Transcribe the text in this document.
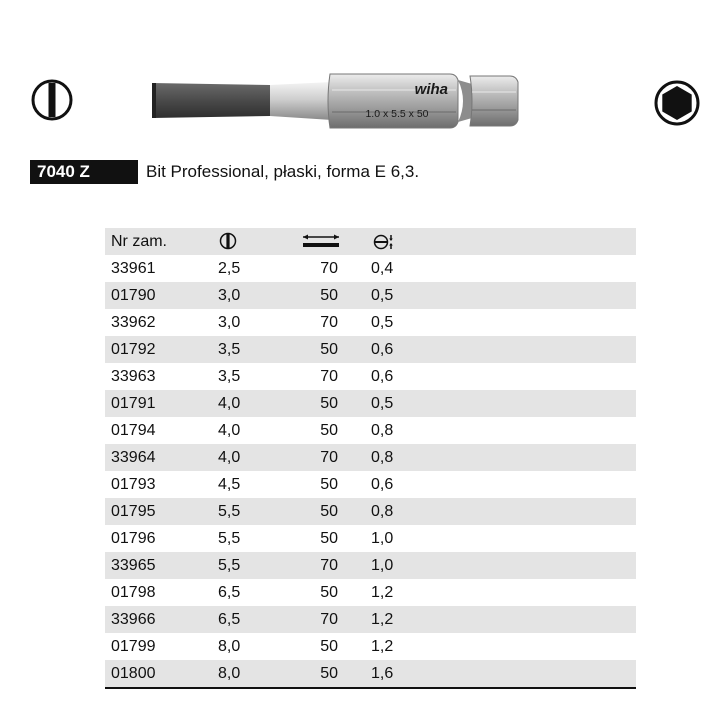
wiha
1.0 x 5.5 x 50
7040 Z	Bit Professional, płaski, forma E 6,3.
Nr zam.
33961	2,5	70 0,4
01790	3,0	50 0,5
33962	3,0	70 0,5
01792	3,5	50 0,6
33963	3,5	70 0,6
01791	4,0	50 0,5
01794	4,0	50 0,8
33964	4,0	70 0,8
01793	4,5	50 0,6
01795	5,5	50 0,8
01796	5,5	50 1,0
33965	5,5	70 1,0
01798	6,5	50 1,2
33966	6,5	70 1,2
01799	8,0	50 1,2
01800	8,0	50 1,6
